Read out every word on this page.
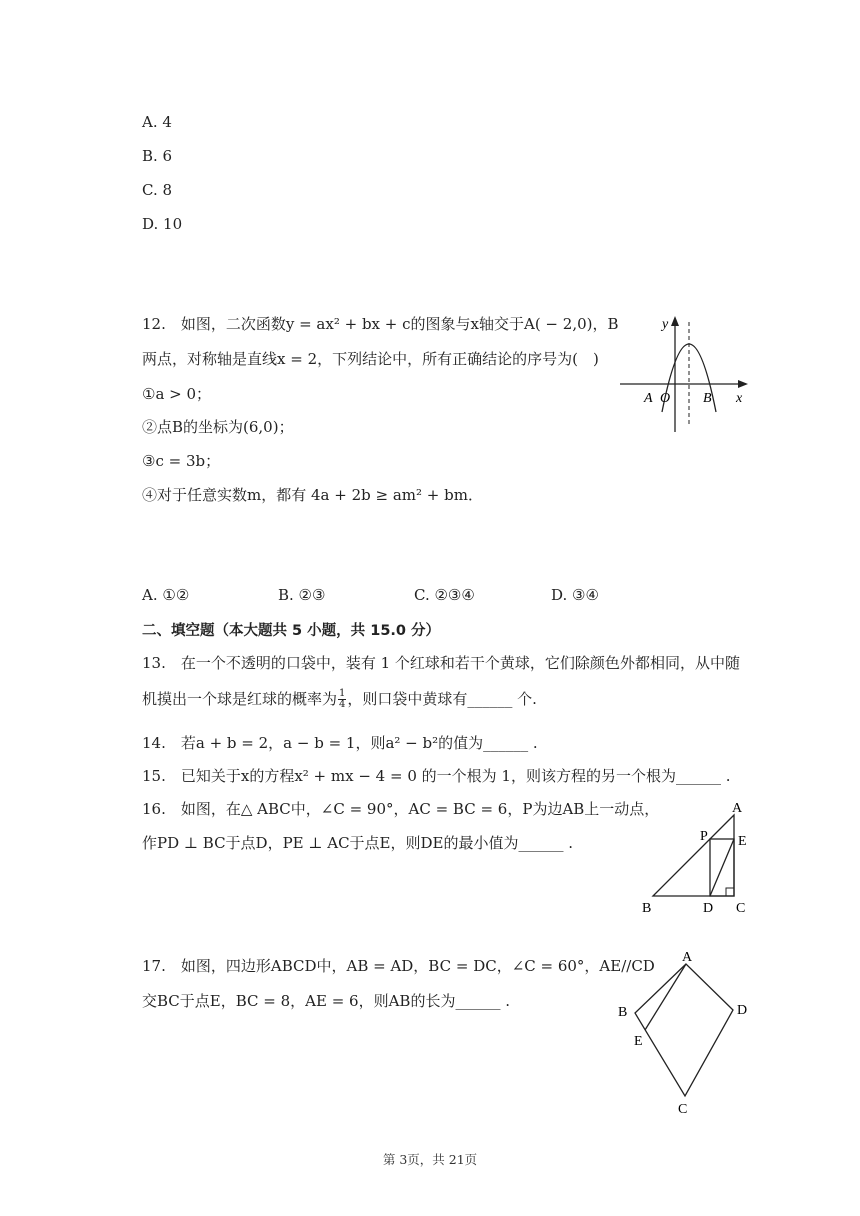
A. 4
B. 6
C. 8
D. 10
12. 如图，二次函数y = ax² + bx + c的图象与x轴交于A( − 2,0)，B
两点，对称轴是直线x = 2，下列结论中，所有正确结论的序号为( )
①a > 0；
②点B的坐标为(6,0)；
③c = 3b；
④对于任意实数m，都有 4a + 2b ≥ am² + bm．
y
A O B x
A. ①②	B. ②③	C. ②③④	D. ③④
二、填空题（本大题共 5 小题，共 15.0 分）
13. 在一个不透明的口袋中，装有 1 个红球和若干个黄球，它们除颜色外都相同，从中随
机摸出一个球是红球的概率为 $\frac{1}{4}$ ，则口袋中黄球有______ 个.
14. 若a + b = 2，a − b = 1，则a² − b²的值为______ .
15. 已知关于x的方程x² + mx − 4 = 0 的一个根为 1，则该方程的另一个根为______ .
16. 如图，在△ ABC中，∠C = 90°，AC = BC = 6，P为边AB上一动点，
作PD ⊥ BC于点D，PE ⊥ AC于点E，则DE的最小值为______ .
A
P E
B	D C
17. 如图，四边形ABCD中，AB = AD，BC = DC，∠C = 60°，AE//CD
交BC于点E，BC = 8，AE = 6，则AB的长为______ .
A
B	D
E
C
第 3页，共 21页
